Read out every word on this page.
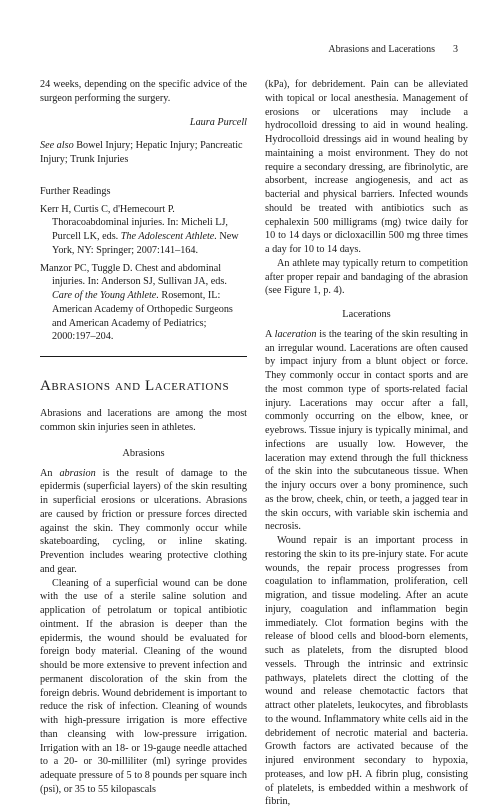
Abrasions and Lacerations 3

24 weeks, depending on the specific advice of the surgeon performing the surgery.

Laura Purcell

See also Bowel Injury; Hepatic Injury; Pancreatic Injury; Trunk Injuries

Further Readings

Kerr H, Curtis C, d'Hemecourt P. Thoracoabdominal injuries. In: Micheli LJ, Purcell LK, eds. The Adolescent Athlete. New York, NY: Springer; 2007:141–164.

Manzor PC, Tuggle D. Chest and abdominal injuries. In: Anderson SJ, Sullivan JA, eds. Care of the Young Athlete. Rosemont, IL: American Academy of Orthopedic Surgeons and American Academy of Pediatrics; 2000:197–204.

Abrasions and Lacerations

Abrasions and lacerations are among the most common skin injuries seen in athletes.

Abrasions

An abrasion is the result of damage to the epidermis (superficial layers) of the skin resulting in superficial erosions or ulcerations. Abrasions are caused by friction or pressure forces directed against the skin. They commonly occur while skateboarding, cycling, or inline skating. Prevention includes wearing protective clothing and gear.

Cleaning of a superficial wound can be done with the use of a sterile saline solution and application of petrolatum or topical antibiotic ointment. If the abrasion is deeper than the epidermis, the wound should be evaluated for foreign body material. Cleaning of the wound should be more extensive to prevent infection and permanent discoloration of the skin from the foreign debris. Wound debridement is important to reduce the risk of infection. Cleaning of wounds with high-pressure irrigation is more effective than cleansing with low-pressure irrigation. Irrigation with an 18- or 19-gauge needle attached to a 20- or 30-milliliter (ml) syringe provides adequate pressure of 5 to 8 pounds per square inch (psi), or 35 to 55 kilopascals

(kPa), for debridement. Pain can be alleviated with topical or local anesthesia. Management of erosions or ulcerations may include a hydrocolloid dressing to aid in wound healing. Hydrocolloid dressings aid in wound healing by maintaining a moist environment. They do not require a secondary dressing, are fibrinolytic, are absorbent, increase angiogenesis, and act as bacterial and physical barriers. Infected wounds should be treated with antibiotics such as cephalexin 500 milligrams (mg) twice daily for 10 to 14 days or dicloxacillin 500 mg three times a day for 10 to 14 days.

An athlete may typically return to competition after proper repair and bandaging of the abrasion (see Figure 1, p. 4).

Lacerations

A laceration is the tearing of the skin resulting in an irregular wound. Lacerations are often caused by impact injury from a blunt object or force. They commonly occur in contact sports and are the most common type of sports-related facial injury. Lacerations may occur after a fall, commonly occurring on the elbow, knee, or eyebrows. Tissue injury is typically minimal, and infections are usually low. However, the laceration may extend through the full thickness of the skin into the subcutaneous tissue. When the injury occurs over a bony prominence, such as the brow, cheek, chin, or teeth, a jagged tear in the skin occurs, with variable skin ischemia and necrosis.

Wound repair is an important process in restoring the skin to its pre-injury state. For acute wounds, the repair process progresses from coagulation to inflammation, proliferation, cell migration, and tissue modeling. After an acute injury, coagulation and inflammation begin immediately. Clot formation begins with the release of blood cells and blood-born elements, such as platelets, from the disrupted blood vessels. Through the intrinsic and extrinsic pathways, platelets direct the clotting of the wound and release chemotactic factors that attract other platelets, leukocytes, and fibroblasts to the wound. Inflammatory white cells aid in the debridement of necrotic material and bacteria. Growth factors are activated because of the injured environment secondary to hypoxia, proteases, and low pH. A fibrin plug, consisting of platelets, is embedded within a meshwork of fibrin,
